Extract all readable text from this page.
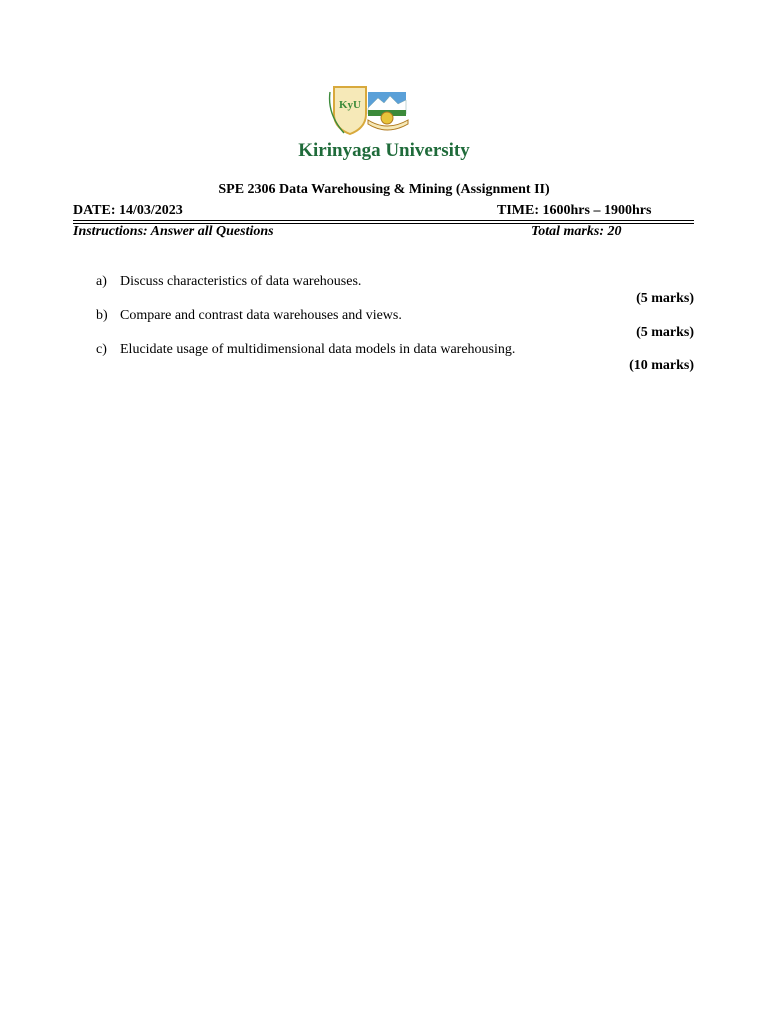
KyU
Kirinyaga University
SPE 2306 Data Warehousing & Mining (Assignment II)
DATE: 14/03/2023	TIME: 1600hrs – 1900hrs
Instructions: Answer all Questions	Total marks: 20
a) Discuss characteristics of data warehouses.
(5 marks)
b) Compare and contrast data warehouses and views.
(5 marks)
c) Elucidate usage of multidimensional data models in data warehousing.
(10 marks)
